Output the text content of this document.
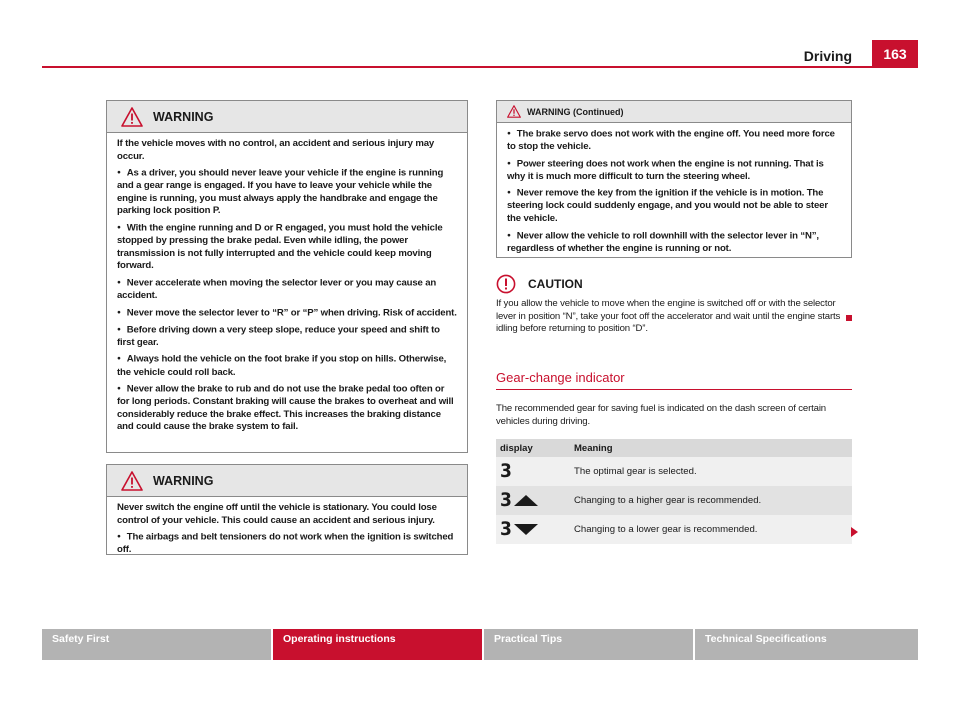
Driving	163
WARNING

If the vehicle moves with no control, an accident and serious injury may occur.

● As a driver, you should never leave your vehicle if the engine is running and a gear range is engaged. If you have to leave your vehicle while the engine is running, you must always apply the handbrake and engage the parking lock position P.

● With the engine running and D or R engaged, you must hold the vehicle stopped by pressing the brake pedal. Even while idling, the power transmission is not fully interrupted and the vehicle could keep moving forward.

● Never accelerate when moving the selector lever or you may cause an accident.

● Never move the selector lever to “R” or “P” when driving. Risk of accident.

● Before driving down a very steep slope, reduce your speed and shift to first gear.

● Always hold the vehicle on the foot brake if you stop on hills. Otherwise, the vehicle could roll back.

● Never allow the brake to rub and do not use the brake pedal too often or for long periods. Constant braking will cause the brakes to overheat and will considerably reduce the brake effect. This increases the braking distance and could cause the brake system to fail.

WARNING

Never switch the engine off until the vehicle is stationary. You could lose control of your vehicle. This could cause an accident and serious injury.

● The airbags and belt tensioners do not work when the ignition is switched off.

WARNING (Continued)

● The brake servo does not work with the engine off. You need more force to stop the vehicle.

● Power steering does not work when the engine is not running. That is why it is much more difficult to turn the steering wheel.

● Never remove the key from the ignition if the vehicle is in motion. The steering lock could suddenly engage, and you would not be able to steer the vehicle.

● Never allow the vehicle to roll downhill with the selector lever in “N”, regardless of whether the engine is running or not.

CAUTION

If you allow the vehicle to move when the engine is switched off or with the selector lever in position “N”, take your foot off the accelerator and wait until the engine starts idling before returning to position “D”.

Gear-change indicator

The recommended gear for saving fuel is indicated on the dash screen of certain vehicles during driving.

display	Meaning
3	The optimal gear is selected.
3	Changing to a higher gear is recommended.
3	Changing to a lower gear is recommended.
Safety First	Operating instructions	Practical Tips	Technical Specifications
